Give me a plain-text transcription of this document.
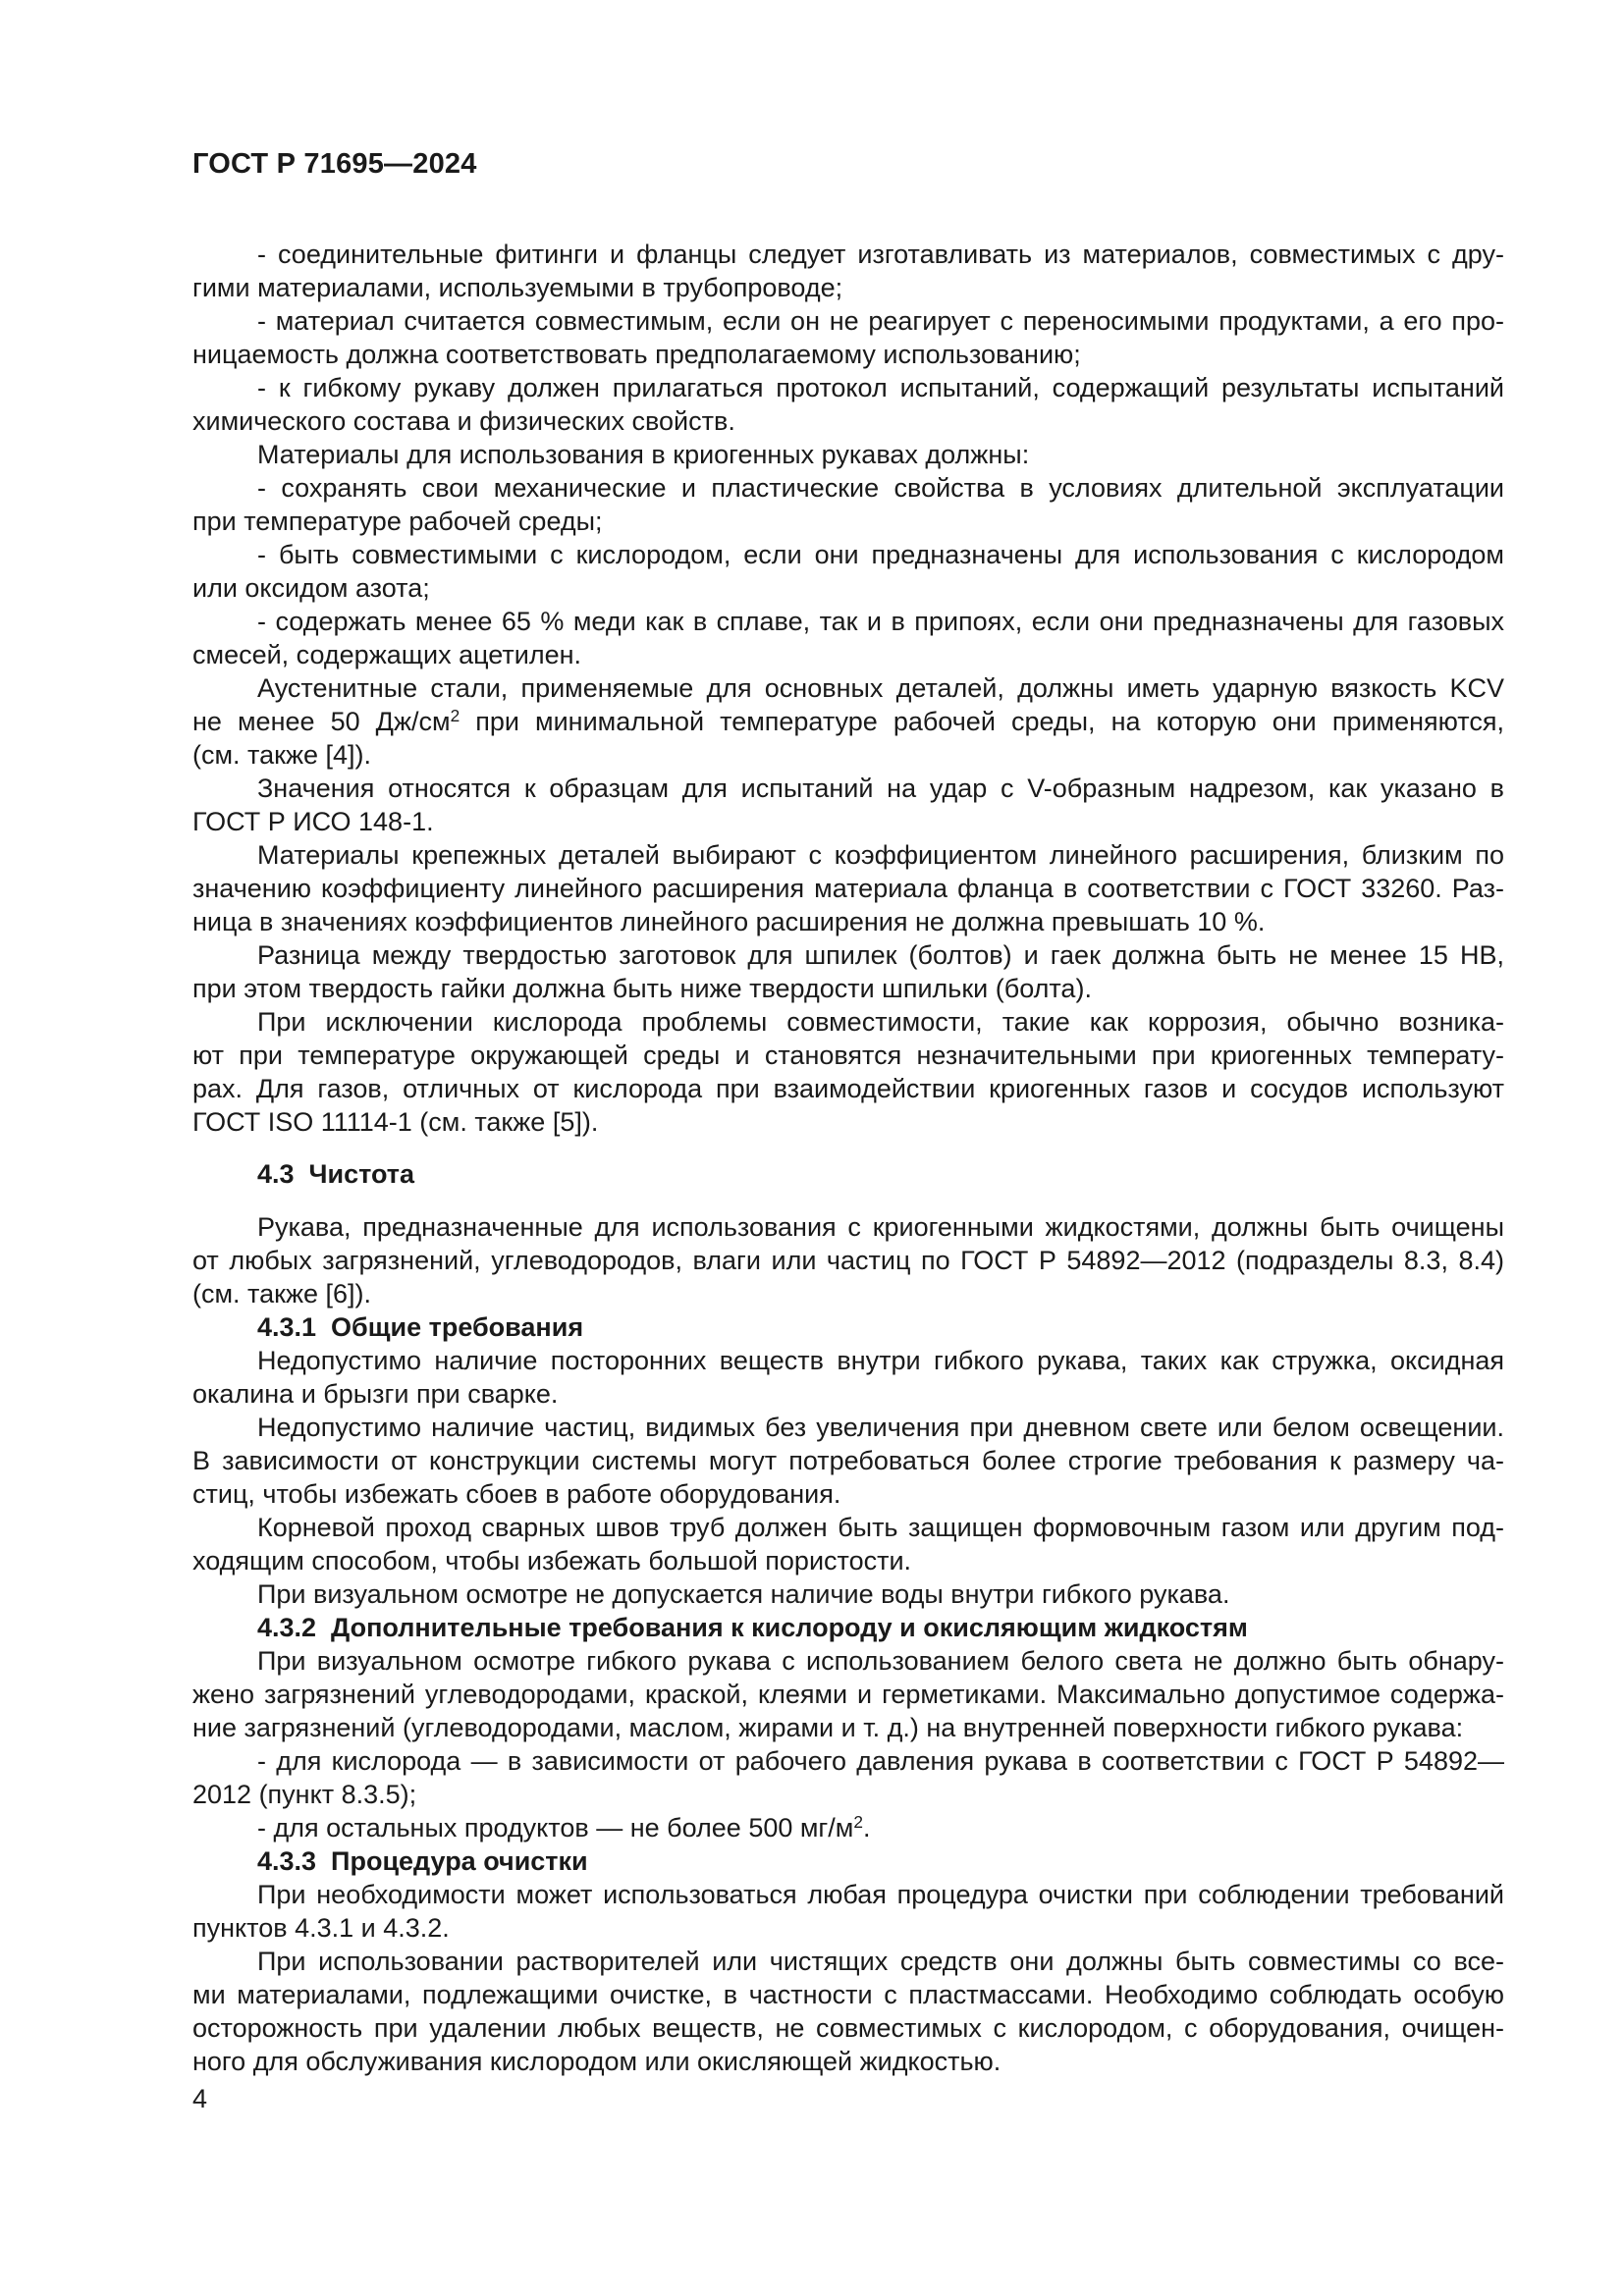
ГОСТ Р 71695—2024
- соединительные фитинги и фланцы следует изготавливать из материалов, совместимых с дру-
гими материалами, используемыми в трубопроводе;
- материал считается совместимым, если он не реагирует с переносимыми продуктами, а его про-
ницаемость должна соответствовать предполагаемому использованию;
- к гибкому рукаву должен прилагаться протокол испытаний, содержащий результаты испытаний
химического состава и физических свойств.
Материалы для использования в криогенных рукавах должны:
- сохранять свои механические и пластические свойства в условиях длительной эксплуатации
при температуре рабочей среды;
- быть совместимыми с кислородом, если они предназначены для использования с кислородом
или оксидом азота;
- содержать менее 65 % меди как в сплаве, так и в припоях, если они предназначены для газовых
смесей, содержащих ацетилен.
Аустенитные стали, применяемые для основных деталей, должны иметь ударную вязкость KCV
не менее 50 $Дж/см^2$ при минимальной температуре рабочей среды, на которую они применяются,
(см. также [4]).
Значения относятся к образцам для испытаний на удар с V-образным надрезом, как указано в
ГОСТ Р ИСО 148-1.
Материалы крепежных деталей выбирают с коэффициентом линейного расширения, близким по
значению коэффициенту линейного расширения материала фланца в соответствии с ГОСТ 33260. Раз-
ница в значениях коэффициентов линейного расширения не должна превышать 10 %.
Разница между твердостью заготовок для шпилек (болтов) и гаек должна быть не менее 15 НВ,
при этом твердость гайки должна быть ниже твердости шпильки (болта).
При исключении кислорода проблемы совместимости, такие как коррозия, обычно возника-
ют при температуре окружающей среды и становятся незначительными при криогенных температу-
рах. Для газов, отличных от кислорода при взаимодействии криогенных газов и сосудов используют
ГОСТ ISO 11114-1 (см. также [5]).
4.3  Чистота
Рукава, предназначенные для использования с криогенными жидкостями, должны быть очищены
от любых загрязнений, углеводородов, влаги или частиц по ГОСТ Р 54892—2012 (подразделы 8.3, 8.4)
(см. также [6]).
4.3.1  Общие требования
Недопустимо наличие посторонних веществ внутри гибкого рукава, таких как стружка, оксидная
окалина и брызги при сварке.
Недопустимо наличие частиц, видимых без увеличения при дневном свете или белом освещении.
В зависимости от конструкции системы могут потребоваться более строгие требования к размеру ча-
стиц, чтобы избежать сбоев в работе оборудования.
Корневой проход сварных швов труб должен быть защищен формовочным газом или другим под-
ходящим способом, чтобы избежать большой пористости.
При визуальном осмотре не допускается наличие воды внутри гибкого рукава.
4.3.2  Дополнительные требования к кислороду и окисляющим жидкостям
При визуальном осмотре гибкого рукава с использованием белого света не должно быть обнару-
жено загрязнений углеводородами, краской, клеями и герметиками. Максимально допустимое содержа-
ние загрязнений (углеводородами, маслом, жирами и т. д.) на внутренней поверхности гибкого рукава:
- для кислорода — в зависимости от рабочего давления рукава в соответствии с ГОСТ Р 54892—
2012 (пункт 8.3.5);
- для остальных продуктов — не более 500 $мг/м^2$.
4.3.3  Процедура очистки
При необходимости может использоваться любая процедура очистки при соблюдении требований
пунктов 4.3.1 и 4.3.2.
При использовании растворителей или чистящих средств они должны быть совместимы со все-
ми материалами, подлежащими очистке, в частности с пластмассами. Необходимо соблюдать особую
осторожность при удалении любых веществ, не совместимых с кислородом, с оборудования, очищен-
ного для обслуживания кислородом или окисляющей жидкостью.
4
